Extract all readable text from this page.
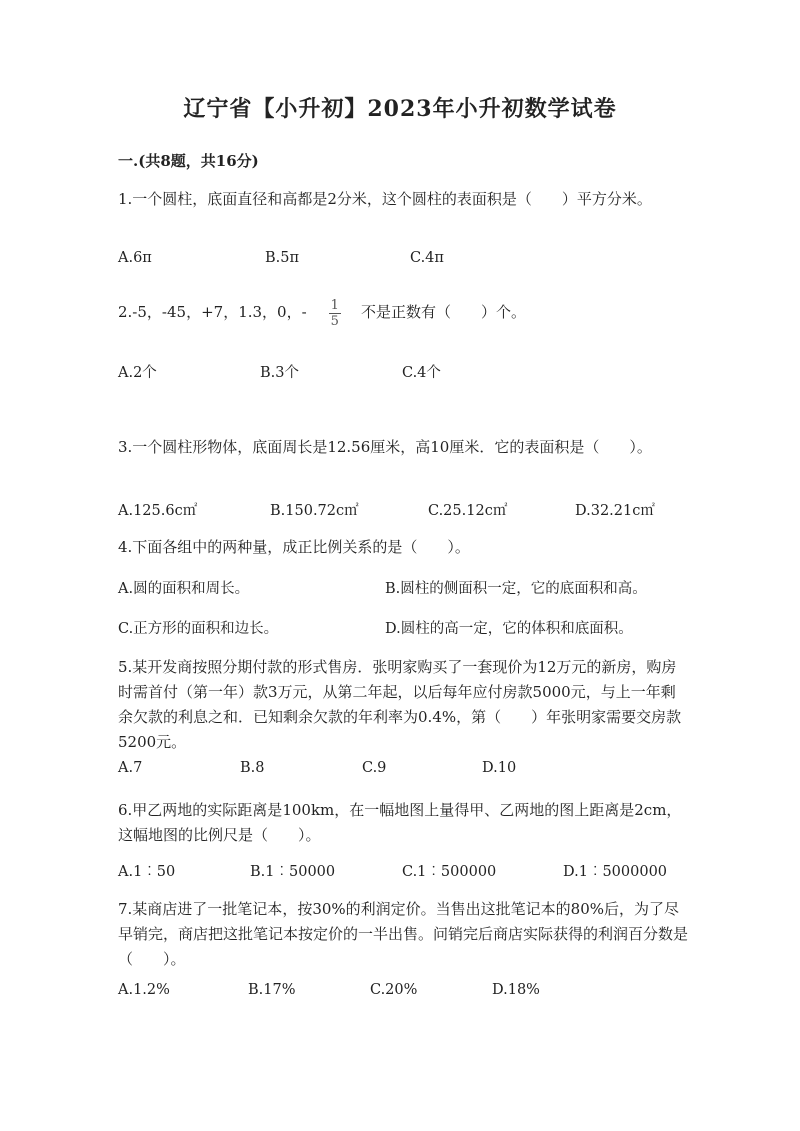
辽宁省【小升初】2023年小升初数学试卷
一.(共8题，共16分)
1.一个圆柱，底面直径和高都是2分米，这个圆柱的表面积是（　　）平方分米。
A.6π	B.5π	C.4π
2.-5，-45，+7，1.3，0，- $\frac{1}{5}$ 不是正数有（　　）个。
A.2个	B.3个	C.4个
3.一个圆柱形物体，底面周长是12.56厘米，高10厘米．它的表面积是（　　）。
A.125.6c㎡	B.150.72c㎡	C.25.12c㎡	D.32.21c㎡
4.下面各组中的两种量，成正比例关系的是（　　）。
A.圆的面积和周长。	B.圆柱的侧面积一定，它的底面积和高。
C.正方形的面积和边长。	D.圆柱的高一定，它的体积和底面积。
5.某开发商按照分期付款的形式售房．张明家购买了一套现价为12万元的新房，购房时需首付（第一年）款3万元，从第二年起，以后每年应付房款5000元，与上一年剩余欠款的利息之和．已知剩余欠款的年利率为0.4%，第（　　）年张明家需要交房款5200元。
A.7	B.8	C.9	D.10
6.甲乙两地的实际距离是100km，在一幅地图上量得甲、乙两地的图上距离是2cm，这幅地图的比例尺是（　　）。
A.1︰50	B.1︰50000	C.1︰500000	D.1︰5000000
7.某商店进了一批笔记本，按30%的利润定价。当售出这批笔记本的80%后，为了尽早销完，商店把这批笔记本按定价的一半出售。问销完后商店实际获得的利润百分数是（　　）。
A.1.2%	B.17%	C.20%	D.18%
